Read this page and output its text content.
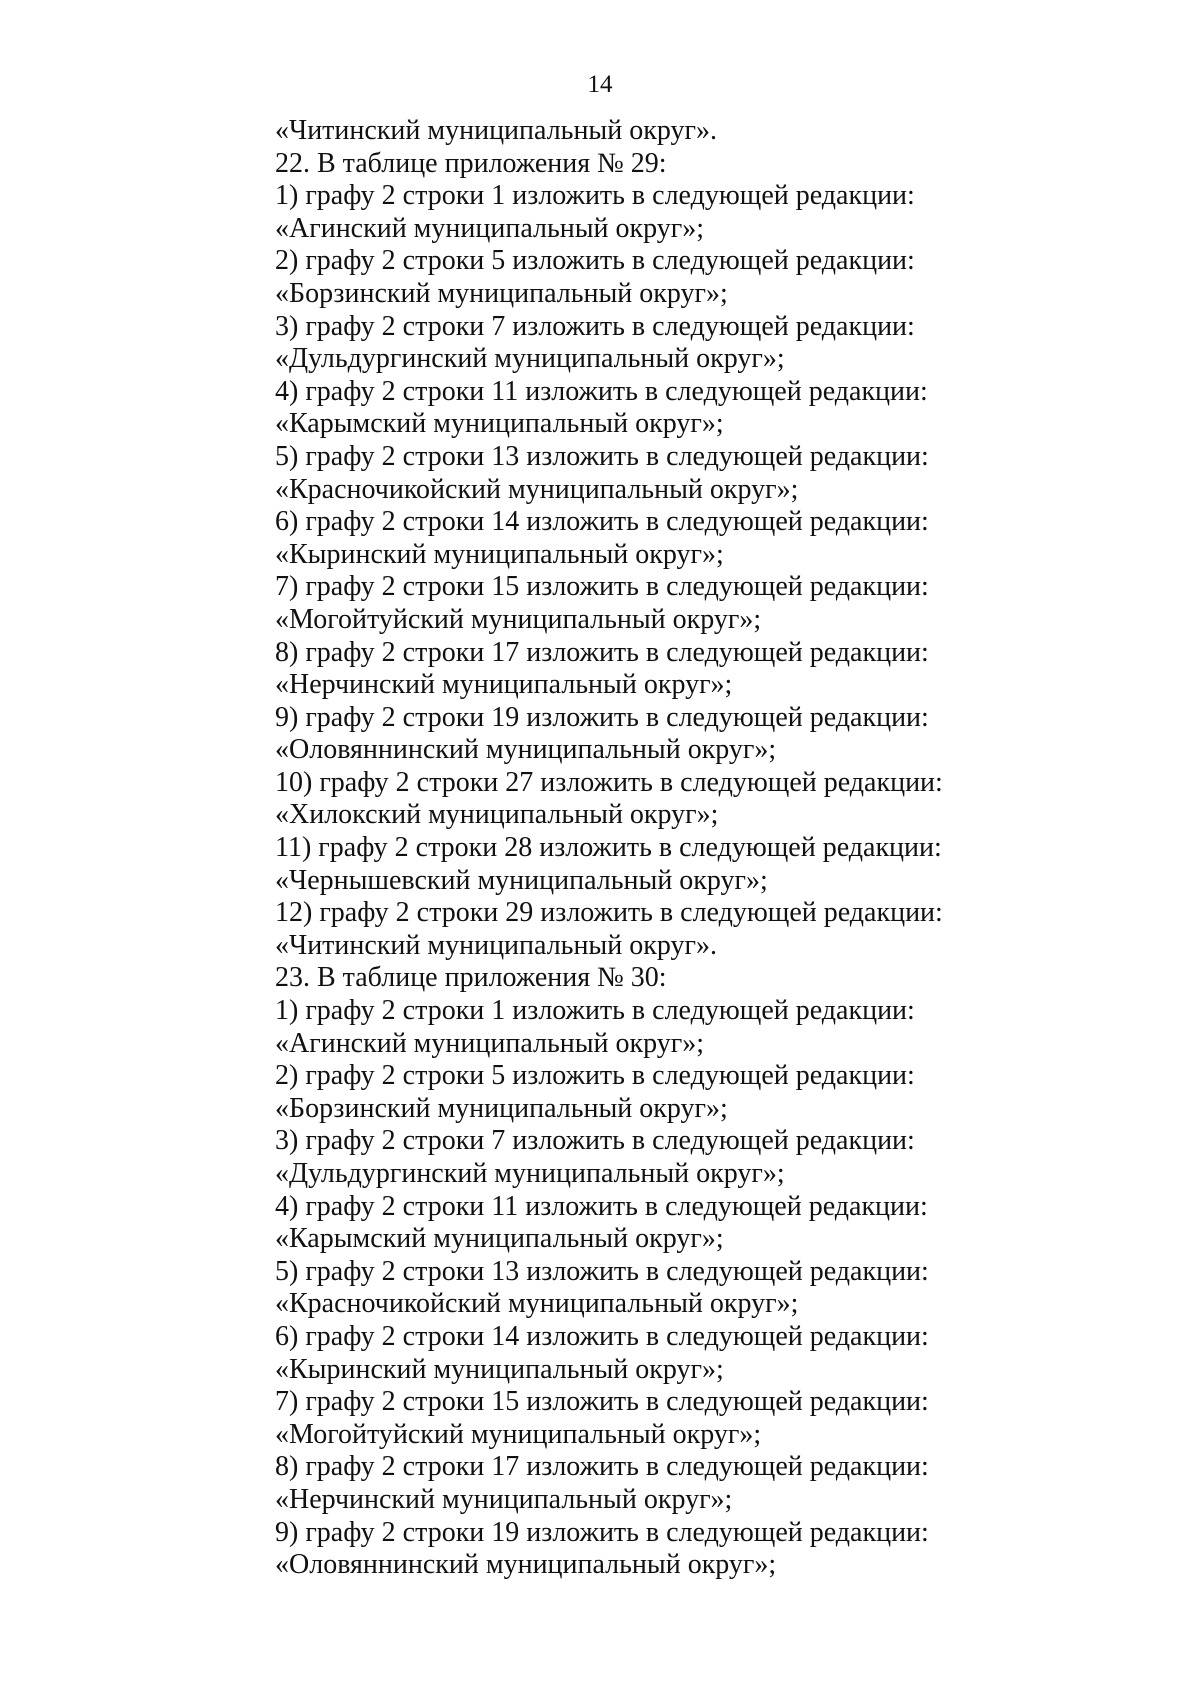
14
«Читинский муниципальный округ».
22. В таблице приложения № 29:
1) графу 2 строки 1 изложить в следующей редакции:
«Агинский муниципальный округ»;
2) графу 2 строки 5 изложить в следующей редакции:
«Борзинский муниципальный округ»;
3) графу 2 строки 7 изложить в следующей редакции:
«Дульдургинский муниципальный округ»;
4) графу 2 строки 11 изложить в следующей редакции:
«Карымский муниципальный округ»;
5) графу 2 строки 13 изложить в следующей редакции:
«Красночикойский муниципальный округ»;
6) графу 2 строки 14 изложить в следующей редакции:
«Кыринский муниципальный округ»;
7) графу 2 строки 15 изложить в следующей редакции:
«Могойтуйский муниципальный округ»;
8) графу 2 строки 17 изложить в следующей редакции:
«Нерчинский муниципальный округ»;
9) графу 2 строки 19 изложить в следующей редакции:
«Оловяннинский муниципальный округ»;
10) графу 2 строки 27 изложить в следующей редакции:
«Хилокский муниципальный округ»;
11) графу 2 строки 28 изложить в следующей редакции:
«Чернышевский муниципальный округ»;
12) графу 2 строки 29 изложить в следующей редакции:
«Читинский муниципальный округ».
23. В таблице приложения № 30:
1) графу 2 строки 1 изложить в следующей редакции:
«Агинский муниципальный округ»;
2) графу 2 строки 5 изложить в следующей редакции:
«Борзинский муниципальный округ»;
3) графу 2 строки 7 изложить в следующей редакции:
«Дульдургинский муниципальный округ»;
4) графу 2 строки 11 изложить в следующей редакции:
«Карымский муниципальный округ»;
5) графу 2 строки 13 изложить в следующей редакции:
«Красночикойский муниципальный округ»;
6) графу 2 строки 14 изложить в следующей редакции:
«Кыринский муниципальный округ»;
7) графу 2 строки 15 изложить в следующей редакции:
«Могойтуйский муниципальный округ»;
8) графу 2 строки 17 изложить в следующей редакции:
«Нерчинский муниципальный округ»;
9) графу 2 строки 19 изложить в следующей редакции:
«Оловяннинский муниципальный округ»;
